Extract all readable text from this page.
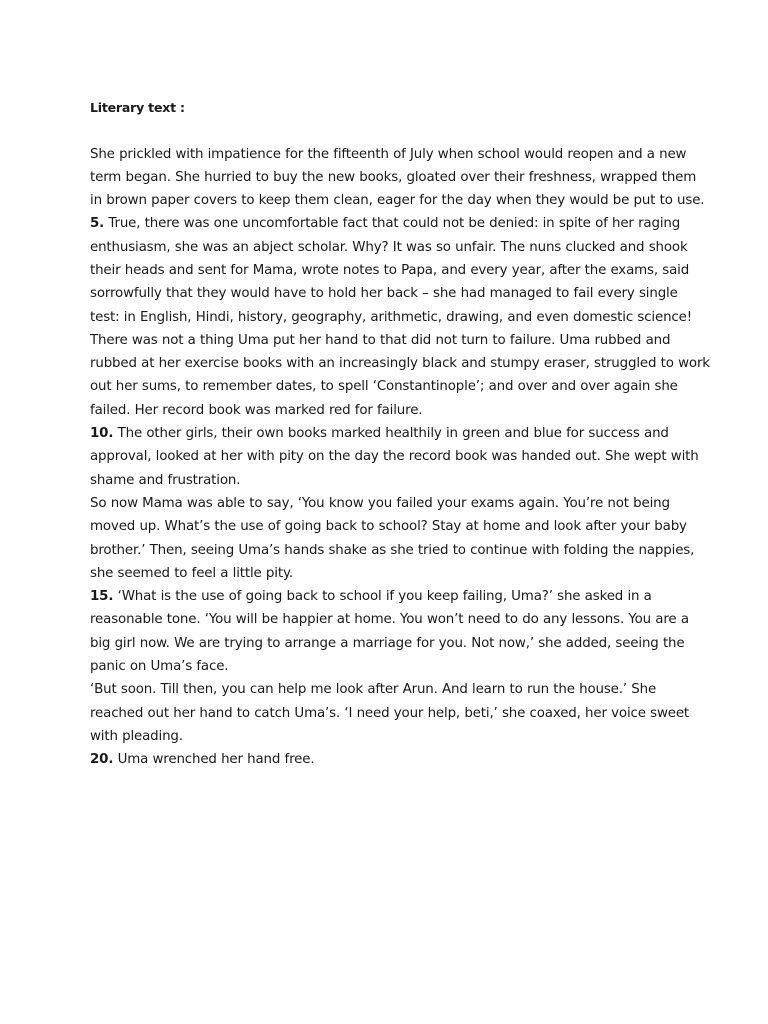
Literary text :

She prickled with impatience for the fifteenth of July when school would reopen and a new term began. She hurried to buy the new books, gloated over their freshness, wrapped them in brown paper covers to keep them clean, eager for the day when they would be put to use.

5. True, there was one uncomfortable fact that could not be denied: in spite of her raging enthusiasm, she was an abject scholar. Why? It was so unfair. The nuns clucked and shook their heads and sent for Mama, wrote notes to Papa, and every year, after the exams, said sorrowfully that they would have to hold her back – she had managed to fail every single test: in English, Hindi, history, geography, arithmetic, drawing, and even domestic science!

There was not a thing Uma put her hand to that did not turn to failure. Uma rubbed and rubbed at her exercise books with an increasingly black and stumpy eraser, struggled to work out her sums, to remember dates, to spell ‘Constantinople’; and over and over again she failed. Her record book was marked red for failure.

10. The other girls, their own books marked healthily in green and blue for success and approval, looked at her with pity on the day the record book was handed out. She wept with shame and frustration.

So now Mama was able to say, ‘You know you failed your exams again. You’re not being moved up. What’s the use of going back to school? Stay at home and look after your baby brother.’ Then, seeing Uma’s hands shake as she tried to continue with folding the nappies, she seemed to feel a little pity.

15. ‘What is the use of going back to school if you keep failing, Uma?’ she asked in a reasonable tone. ‘You will be happier at home. You won’t need to do any lessons. You are a big girl now. We are trying to arrange a marriage for you. Not now,’ she added, seeing the panic on Uma’s face.

‘But soon. Till then, you can help me look after Arun. And learn to run the house.’ She reached out her hand to catch Uma’s. ‘I need your help, beti,’ she coaxed, her voice sweet with pleading.

20. Uma wrenched her hand free.
